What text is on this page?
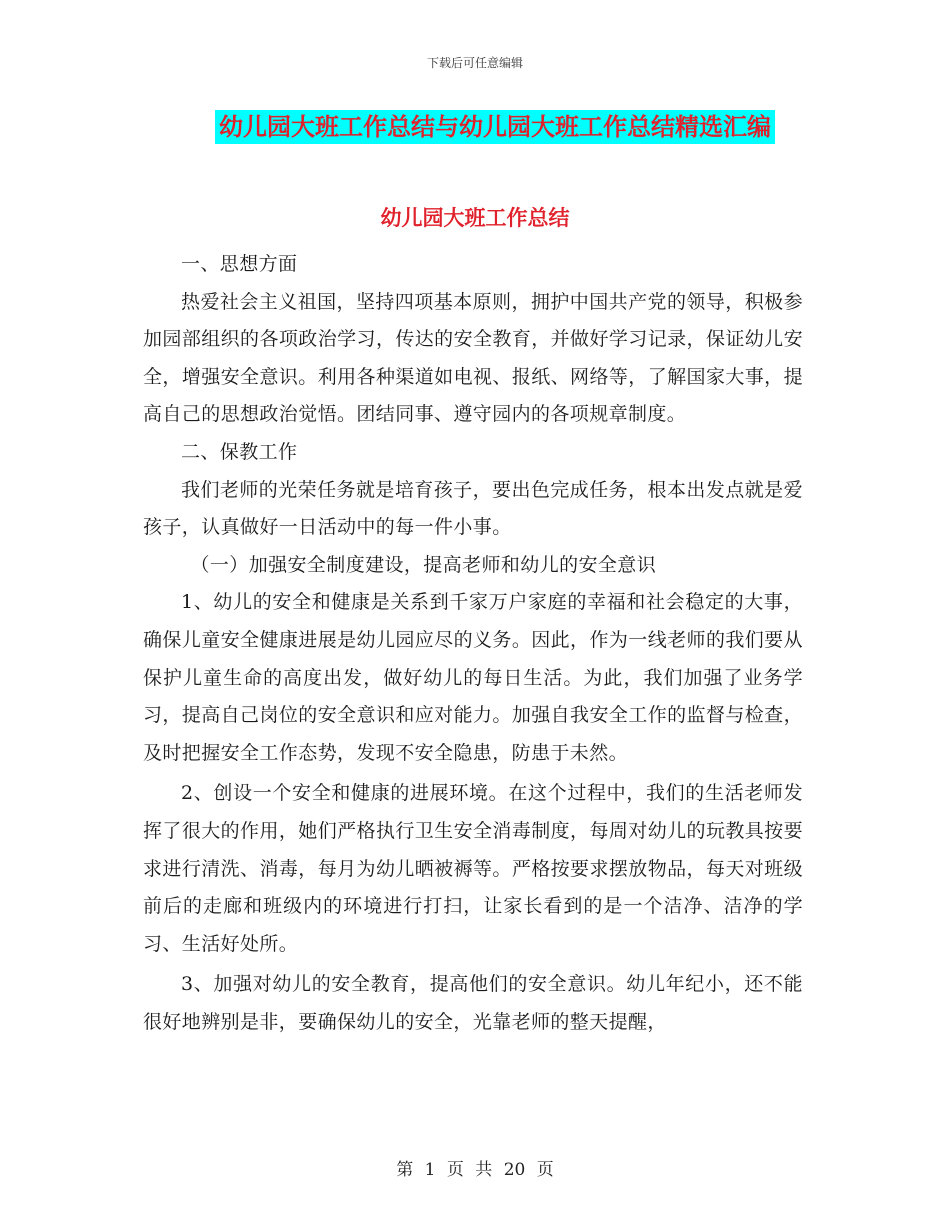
下载后可任意编辑
幼儿园大班工作总结与幼儿园大班工作总结精选汇编
幼儿园大班工作总结

一、思想方面

热爱社会主义祖国，坚持四项基本原则，拥护中国共产党的领导，积极参加园部组织的各项政治学习，传达的安全教育，并做好学习记录，保证幼儿安全，增强安全意识。利用各种渠道如电视、报纸、网络等，了解国家大事，提高自己的思想政治觉悟。团结同事、遵守园内的各项规章制度。

二、保教工作

我们老师的光荣任务就是培育孩子，要出色完成任务，根本出发点就是爱孩子，认真做好一日活动中的每一件小事。

（一）加强安全制度建设，提高老师和幼儿的安全意识

1、幼儿的安全和健康是关系到千家万户家庭的幸福和社会稳定的大事，确保儿童安全健康进展是幼儿园应尽的义务。因此，作为一线老师的我们要从保护儿童生命的高度出发，做好幼儿的每日生活。为此，我们加强了业务学习，提高自己岗位的安全意识和应对能力。加强自我安全工作的监督与检查，及时把握安全工作态势，发现不安全隐患，防患于未然。

2、创设一个安全和健康的进展环境。在这个过程中，我们的生活老师发挥了很大的作用，她们严格执行卫生安全消毒制度，每周对幼儿的玩教具按要求进行清洗、消毒，每月为幼儿晒被褥等。严格按要求摆放物品，每天对班级前后的走廊和班级内的环境进行打扫，让家长看到的是一个洁净、洁净的学习、生活好处所。

3、加强对幼儿的安全教育，提高他们的安全意识。幼儿年纪小，还不能很好地辨别是非，要确保幼儿的安全，光靠老师的整天提醒，

第 1 页 共 20 页
